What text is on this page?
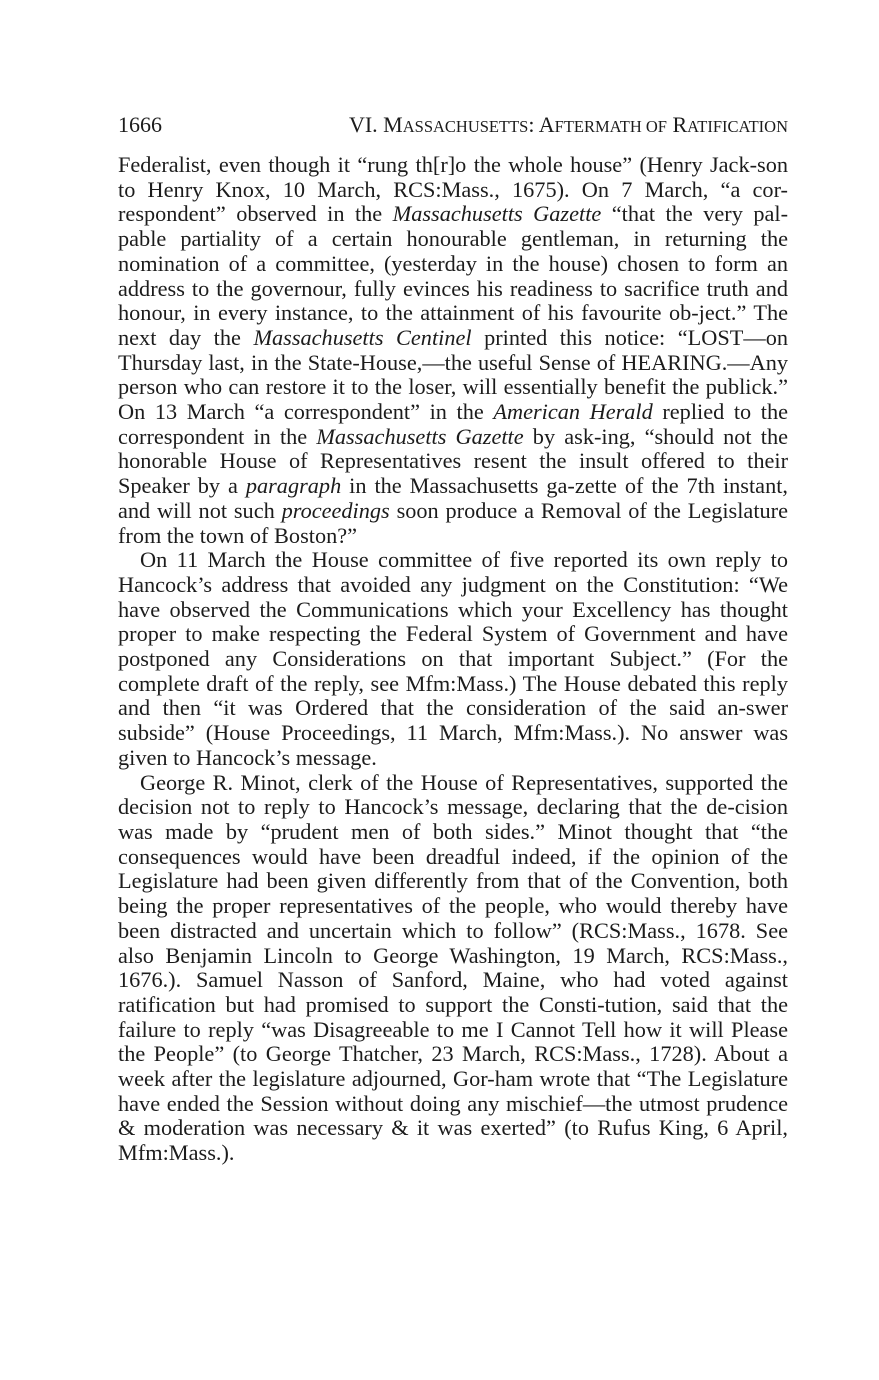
1666	VI. MASSACHUSETTS: AFTERMATH OF RATIFICATION

Federalist, even though it “rung th[r]o the whole house” (Henry Jack-son to Henry Knox, 10 March, RCS:Mass., 1675). On 7 March, “a cor-respondent” observed in the Massachusetts Gazette “that the very pal-pable partiality of a certain honourable gentleman, in returning the nomination of a committee, (yesterday in the house) chosen to form an address to the governour, fully evinces his readiness to sacrifice truth and honour, in every instance, to the attainment of his favourite ob-ject.” The next day the Massachusetts Centinel printed this notice: “LOST—on Thursday last, in the State-House,—the useful Sense of HEARING.—Any person who can restore it to the loser, will essentially benefit the publick.” On 13 March “a correspondent” in the American Herald replied to the correspondent in the Massachusetts Gazette by ask-ing, “should not the honorable House of Representatives resent the insult offered to their Speaker by a paragraph in the Massachusetts ga-zette of the 7th instant, and will not such proceedings soon produce a Removal of the Legislature from the town of Boston?”

On 11 March the House committee of five reported its own reply to Hancock’s address that avoided any judgment on the Constitution: “We have observed the Communications which your Excellency has thought proper to make respecting the Federal System of Government and have postponed any Considerations on that important Subject.” (For the complete draft of the reply, see Mfm:Mass.) The House debated this reply and then “it was Ordered that the consideration of the said an-swer subside” (House Proceedings, 11 March, Mfm:Mass.). No answer was given to Hancock’s message.

George R. Minot, clerk of the House of Representatives, supported the decision not to reply to Hancock’s message, declaring that the de-cision was made by “prudent men of both sides.” Minot thought that “the consequences would have been dreadful indeed, if the opinion of the Legislature had been given differently from that of the Convention, both being the proper representatives of the people, who would thereby have been distracted and uncertain which to follow” (RCS:Mass., 1678. See also Benjamin Lincoln to George Washington, 19 March, RCS:Mass., 1676.). Samuel Nasson of Sanford, Maine, who had voted against ratification but had promised to support the Consti-tution, said that the failure to reply “was Disagreeable to me I Cannot Tell how it will Please the People” (to George Thatcher, 23 March, RCS:Mass., 1728). About a week after the legislature adjourned, Gor-ham wrote that “The Legislature have ended the Session without doing any mischief—the utmost prudence & moderation was necessary & it was exerted” (to Rufus King, 6 April, Mfm:Mass.).
